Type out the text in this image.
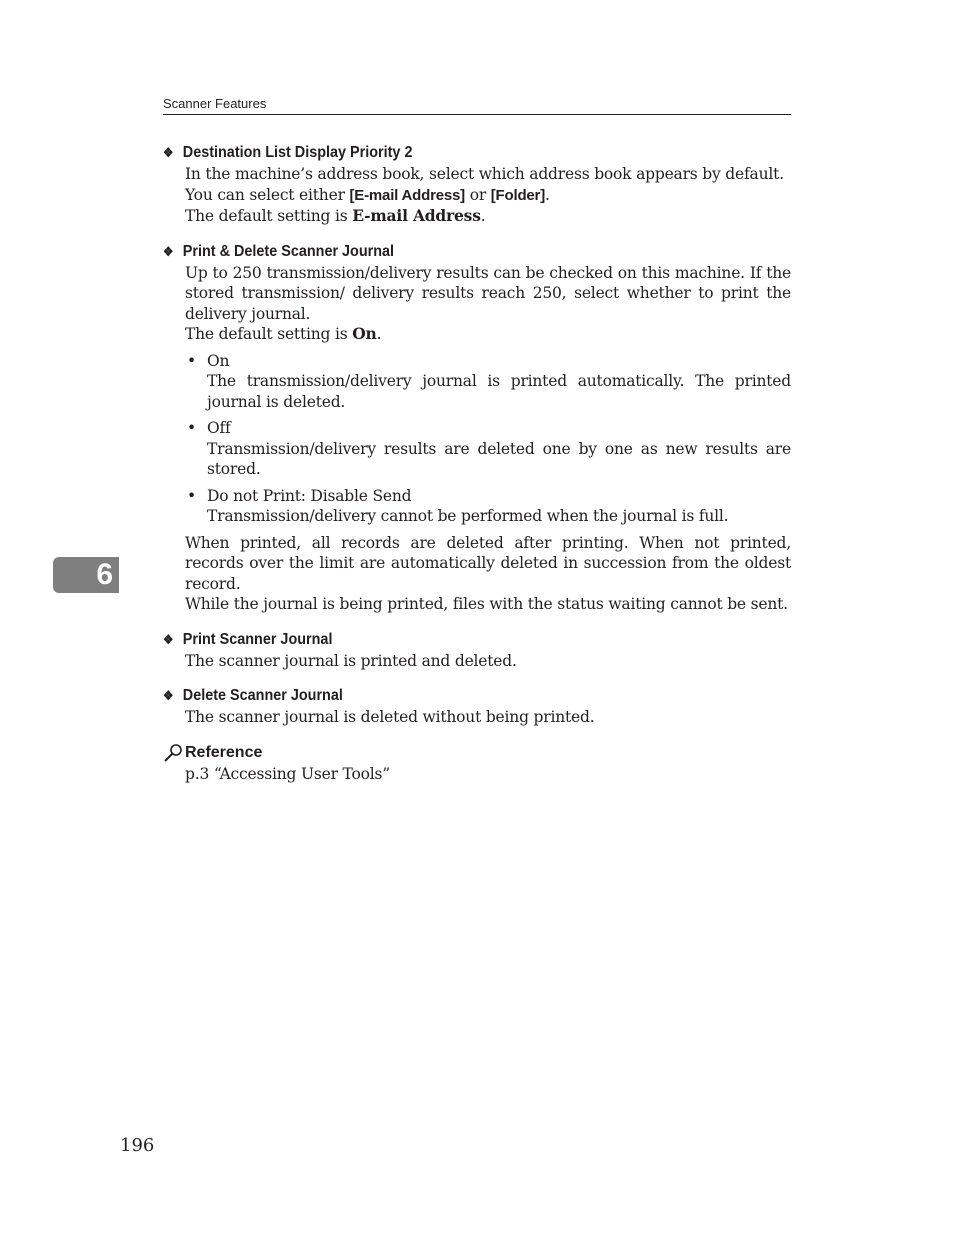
Scanner Features
6
❖ Destination List Display Priority 2

In the machine’s address book, select which address book appears by default.

You can select either [E-mail Address] or [Folder].

The default setting is E-mail Address.

❖ Print & Delete Scanner Journal

Up to 250 transmission/delivery results can be checked on this machine. If the stored transmission/ delivery results reach 250, select whether to print the delivery journal.

The default setting is On.

• On
The transmission/delivery journal is printed automatically. The printed journal is deleted.
• Off
Transmission/delivery results are deleted one by one as new results are stored.
• Do not Print: Disable Send
Transmission/delivery cannot be performed when the journal is full.

When printed, all records are deleted after printing. When not printed, records over the limit are automatically deleted in succession from the oldest record.

While the journal is being printed, files with the status waiting cannot be sent.

❖ Print Scanner Journal

The scanner journal is printed and deleted.

❖ Delete Scanner Journal

The scanner journal is deleted without being printed.

Reference

p.3 “Accessing User Tools”

196
